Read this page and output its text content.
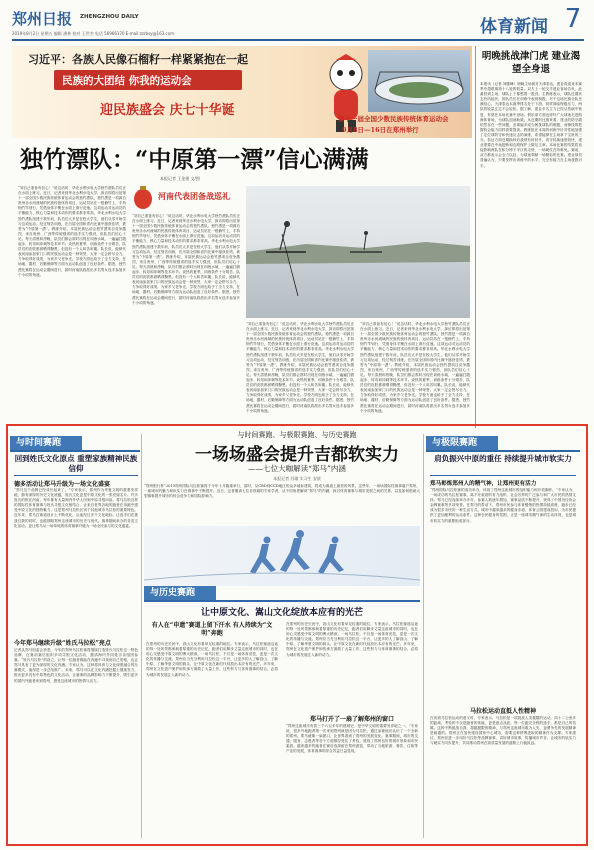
郑州日报 ZHENGZHOU DAILY
2019年8月2日 星期五 编辑 潘林 校对 王世杰 电话 56966170 E-mail:zzrbsy@163.com	体育新闻 7
习近平：各族人民像石榴籽一样紧紧抱在一起
民族的大团结 你我的运动会
迎民族盛会 庆七十华诞
第十一届全国少数民族传统体育运动会
9月8日—16日在郑州举行
明晚挑战津门虎 建业渴望全身退
本报讯（记者 刘继峰）明晚主场面对天津泰达，建业将迎来本赛季中超联赛第十八轮的较量。双方上一轮交手建业客场告负，此番回到主场，球队上下都憋着一股劲。主教练表示，球队近期状态有所起伏，但队员们在训练中表现积极，对于这场比赛全队充满信心。天津泰达本赛季排名处于下游，同样面临保级压力，两队的较量注定不会轻松。据了解，建业多名主力已经从伤病中恢复，有望在本场比赛中登场。俱乐部方面也呼吁广大球迷走进航海体育场，为球队加油助威。从近期的比赛来看，建业的防守端依然存在一些问题，丢球偏多成为困扰球队的难题，而锋线的把握机会能力同样需要提高。教练组在本周的训练中针对性地加强了定位球防守和快速反击的演练，希望能够在主场拿下宝贵的三分。泰达方面近期换帅后战绩有所回升，攻守转换速度较快，建业需要在中场抢断和边路保护上做足文章。本场比赛的结果将直接影响两队在积分榜下半区的走势，一场硬仗在所难免。赛前，双方都表示会全力以赴，为球迷奉献一场精彩的比赛。建业球员普遍认为，只要发挥出训练中的水平，完全有能力在主场战胜对手。
独竹漂队：“中原第一漂”信心满满
本报记者 王金建 文/图
河南代表团备战巡礼
“刘自己准备有信心！”说这话时，华北水利水电大学独竹漂队员们正在水面上练习。近日，记者来到华北水利水电大学，探访即将出征第十一届全国少数民族传统体育运动会的独竹漂队。独竹漂是一项源自贵州赤水河流域的民族传统体育项目，运动员站在一根楠竹上，手持细竹竿划行，凭借身体平衡在水面上滑行竞速。这项运动对运动员的平衡能力、核心力量和技术动作的要求都非常高。华北水利水电大学独竹漂队组建于数年前，队员们大多是在校大学生，他们从零开始学习这项运动，经过刻苦训练，在历届全国和省内比赛中屡获佳绩，被誉为“中原第一漂”。教练介绍，本届民族运动会独竹漂项目竞争激烈，来自贵州、广西等传统强省的选手实力强劲，但队员们信心十足。每天清晨和傍晚，队员们都会准时出现在训练水域，一遍遍打磨起步、转弯和冲刺等技术环节。炎热的夏季，训练条件十分艰苦，队员们的皮肤都被晒得黝黑，但没有一个人叫苦叫累。队长说，能够代表河南参加家门口的民族运动会是一种荣誉，大家一定会拼尽全力，力争取得好成绩，为家乡父老争光。学校方面也给予了全力支持，在场地、器材、后勤保障等方面为运动队创造了良好条件。据悉，独竹漂比赛将在运动会期间进行，届时河南队将派出多名男女选手参加多个小项的角逐。
“刘自己准备有信心！”说这话时，华北水利水电大学独竹漂队员们正在水面上练习。近日，记者来到华北水利水电大学，探访即将出征第十一届全国少数民族传统体育运动会的独竹漂队。独竹漂是一项源自贵州赤水河流域的民族传统体育项目，运动员站在一根楠竹上，手持细竹竿划行，凭借身体平衡在水面上滑行竞速。这项运动对运动员的平衡能力、核心力量和技术动作的要求都非常高。华北水利水电大学独竹漂队组建于数年前，队员们大多是在校大学生，他们从零开始学习这项运动，经过刻苦训练，在历届全国和省内比赛中屡获佳绩，被誉为“中原第一漂”。教练介绍，本届民族运动会独竹漂项目竞争激烈，来自贵州、广西等传统强省的选手实力强劲，但队员们信心十足。每天清晨和傍晚，队员们都会准时出现在训练水域，一遍遍打磨起步、转弯和冲刺等技术环节。炎热的夏季，训练条件十分艰苦，队员们的皮肤都被晒得黝黑，但没有一个人叫苦叫累。队长说，能够代表河南参加家门口的民族运动会是一种荣誉，大家一定会拼尽全力，力争取得好成绩，为家乡父老争光。学校方面也给予了全力支持，在场地、器材、后勤保障等方面为运动队创造了良好条件。据悉，独竹漂比赛将在运动会期间进行，届时河南队将派出多名男女选手参加多个小项的角逐。
“刘自己准备有信心！”说这话时，华北水利水电大学独竹漂队员们正在水面上练习。近日，记者来到华北水利水电大学，探访即将出征第十一届全国少数民族传统体育运动会的独竹漂队。独竹漂是一项源自贵州赤水河流域的民族传统体育项目，运动员站在一根楠竹上，手持细竹竿划行，凭借身体平衡在水面上滑行竞速。这项运动对运动员的平衡能力、核心力量和技术动作的要求都非常高。华北水利水电大学独竹漂队组建于数年前，队员们大多是在校大学生，他们从零开始学习这项运动，经过刻苦训练，在历届全国和省内比赛中屡获佳绩，被誉为“中原第一漂”。教练介绍，本届民族运动会独竹漂项目竞争激烈，来自贵州、广西等传统强省的选手实力强劲，但队员们信心十足。每天清晨和傍晚，队员们都会准时出现在训练水域，一遍遍打磨起步、转弯和冲刺等技术环节。炎热的夏季，训练条件十分艰苦，队员们的皮肤都被晒得黝黑，但没有一个人叫苦叫累。队长说，能够代表河南参加家门口的民族运动会是一种荣誉，大家一定会拼尽全力，力争取得好成绩，为家乡父老争光。学校方面也给予了全力支持，在场地、器材、后勤保障等方面为运动队创造了良好条件。据悉，独竹漂比赛将在运动会期间进行，届时河南队将派出多名男女选手参加多个小项的角逐。
“刘自己准备有信心！”说这话时，华北水利水电大学独竹漂队员们正在水面上练习。近日，记者来到华北水利水电大学，探访即将出征第十一届全国少数民族传统体育运动会的独竹漂队。独竹漂是一项源自贵州赤水河流域的民族传统体育项目，运动员站在一根楠竹上，手持细竹竿划行，凭借身体平衡在水面上滑行竞速。这项运动对运动员的平衡能力、核心力量和技术动作的要求都非常高。华北水利水电大学独竹漂队组建于数年前，队员们大多是在校大学生，他们从零开始学习这项运动，经过刻苦训练，在历届全国和省内比赛中屡获佳绩，被誉为“中原第一漂”。教练介绍，本届民族运动会独竹漂项目竞争激烈，来自贵州、广西等传统强省的选手实力强劲，但队员们信心十足。每天清晨和傍晚，队员们都会准时出现在训练水域，一遍遍打磨起步、转弯和冲刺等技术环节。炎热的夏季，训练条件十分艰苦，队员们的皮肤都被晒得黝黑，但没有一个人叫苦叫累。队长说，能够代表河南参加家门口的民族运动会是一种荣誉，大家一定会拼尽全力，力争取得好成绩，为家乡父老争光。学校方面也给予了全力支持，在场地、器材、后勤保障等方面为运动队创造了良好条件。据悉，独竹漂比赛将在运动会期间进行，届时河南队将派出多名男女选手参加多个小项的角逐。
与时间赛跑、与极限赛跑、与历史赛跑
一场场盛会提升吉都软实力
——七位大咖解读“郑马”内涵
本报记者 苏瑜 实习生 安歆
“郑州银行杯”2019郑州国际马拉松赛将于今年十月隆重举行，届时，从CBD到CCD地区的众多地标建筑，将成为赛道上最美的风景。这些年，一场场国际性赛事落户郑州，一座城市的魅力和软实力在赛事中不断提升。近日，记者邀请七位各领域的专家学者，从不同角度解读“郑马”的内涵，探讨体育赛事与城市发展之间的关系，以及如何借助大型赛事提升城市的综合竞争力和国际影响力。
与时间赛跑
回到姓氏文化原点 重塑家族精神民族信仰
德多活动让郑马升级为一场文化盛宴
“郑马这个品牌已经成长起来了。”专家表示，郑州作为华夏文明的重要发祥地，拥有深厚的历史文化底蕴，姓氏文化更是中原文化的一张亮丽名片。许多姓氏的根在河南，每年都有大量海内外华人回到中原寻根问祖。将马拉松这样的国际性体育赛事与姓氏寻根文化相结合，让来自世界各地的跑者在奔跑中感受中原文化的独特魅力，这是郑州马拉松区别于其他城市马拉松的重要特色。近年来，郑马在赛道设计上不断优化，沿途经过多个文化地标，让选手们在挑战自我的同时，也能领略郑州这座城市的历史与现代。赛事期间举办的各类文化活动，更让郑马从一场单纯的体育赛事升级为一场全民参与的文化盛宴。
今年郑马继续升级“姓氏马拉松”亮点
记者从郑马组委会获悉，今年的郑州马拉松赛将继续打造姓氏马拉松这一特色品牌，在赛前赛后组织多项寻根文化活动，邀请海内外同姓宗亲组团参赛。“姓氏马拉松”的设立，让每一位跑者都能在奔跑中寻找到自己的根，也让郑马具有了更为深厚的文化内涵。专家认为，这种将体育与文化深度融合的办赛模式，值得进一步总结推广。未来，郑马可以在文化内涵挖掘上继续发力，推出更多具有中原特色的文化活动，让赛事的品牌影响力不断提升，吸引更多的国内外跑者来到郑州，感受这座城市的热情与活力。
与历史赛跑
让中原文化、嵩山文化绽放本应有的光芒
有人在“申遗”赛道上留下汗水 有人持续为“文明”奔跑
在郑州的历史长河中，嵩山文化有着举足轻重的地位。专家表示，马拉松赛道沿途的每一处风景都承载着厚重的历史记忆，跑者们用脚步丈量这座城市的同时，也在用心灵感受中原文明的博大精深。一场马拉松，不仅是一场体育竞技，更是一次文化的传播与交流。郑州应当充分利用马拉松这一平台，让更多的人了解嵩山、了解中原、了解华夏文明的源头，让中原文化在新时代绽放出本应有的光芒。多年来，郑州在文化遗产保护和传承方面做了大量工作，这些努力与体育赛事的结合，必将为城市的发展注入新的动力。
在郑州的历史长河中，嵩山文化有着举足轻重的地位。专家表示，马拉松赛道沿途的每一处风景都承载着厚重的历史记忆，跑者们用脚步丈量这座城市的同时，也在用心灵感受中原文明的博大精深。一场马拉松，不仅是一场体育竞技，更是一次文化的传播与交流。郑州应当充分利用马拉松这一平台，让更多的人了解嵩山、了解中原、了解华夏文明的源头，让中原文化在新时代绽放出本应有的光芒。多年来，郑州在文化遗产保护和传承方面做了大量工作，这些努力与体育赛事的结合，必将为城市的发展注入新的动力。
郑马打开了一扇了解郑州的窗口
“郑州这座城市有着三千六百多年的建城史，是中华文明的重要发祥地之一。”专家说，很多外地跑者第一次来到郑州就是因为马拉松，通过参赛他们认识了一个全新的郑州。郑马就像一扇窗口，让世界看到了郑州的发展变化。赛事期间，城市的交通、服务、志愿者等各个方面都经受住了考验，展现了郑州良好的城市形象和市民素质。越来越多的跑者在赛后选择留在郑州游览，带动了当地旅游、餐饮、住宿等产业的发展，体育赛事的综合效益日益显现。
与极限赛跑
肩负振兴中原的重任 持续提升城市软实力
郑马彰炼郑州人的精气神，让郑州更有活力
“郑州国际马拉松赛的成功举办，体现了郑州这座城市的组织能力和开放胸怀。”专家认为，一场成功的马拉松赛事，离不开政府的有力组织、社会各界的广泛参与和广大市民的热情支持。郑马已经连续举办多年，参赛人数逐年增加，赛事品质不断提升，获得了中国田径协会金牌赛事等多项荣誉。在郑马的带动下，郑州市民参与体育锻炼的热情持续高涨，跑步已经成为很多市民的一种生活方式。城市中越来越多的健身步道、体育公园建成投用，为市民提供了更加便利的运动条件。这种全民健身的氛围，正是一座城市精气神的生动体现，也是城市软实力的重要组成部分。
马拉松运动直抵人性精神
在谈到马拉松运动的意义时，专家表示，马拉松是一项挑战人类极限的运动，四十二公里多的距离，考验的不仅是跑者的体能，更是意志品质。每一位跑完全程的选手，都是自己的英雄。这种不断挑战自我、超越极限的精神，与郑州这座城市敢为人先、奋勇争先的发展精神是相通的。郑州正在加快建设国家中心城市，需要这种拼搏进取的精神作为支撑。专家建议，郑州应进一步用好马拉松等品牌赛事，讲好城市故事，传播城市声音，让城市的软实力与硬实力同步提升，共同推动郑州在高质量发展的道路上行稳致远。
